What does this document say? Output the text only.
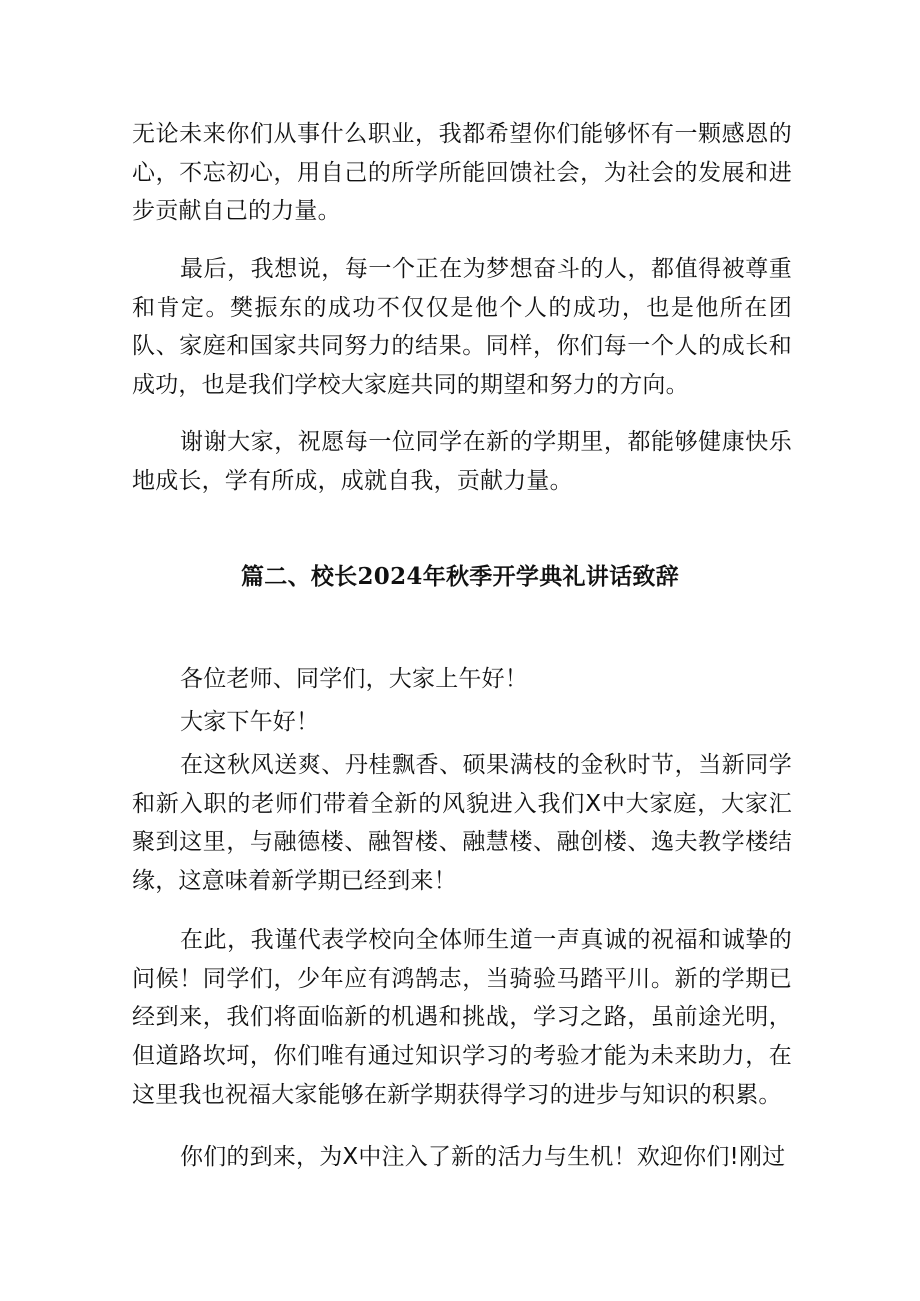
无论未来你们从事什么职业，我都希望你们能够怀有一颗感恩的心，不忘初心，用自己的所学所能回馈社会，为社会的发展和进步贡献自己的力量。

最后，我想说，每一个正在为梦想奋斗的人，都值得被尊重和肯定。樊振东的成功不仅仅是他个人的成功，也是他所在团队、家庭和国家共同努力的结果。同样，你们每一个人的成长和成功，也是我们学校大家庭共同的期望和努力的方向。

谢谢大家，祝愿每一位同学在新的学期里，都能够健康快乐地成长，学有所成，成就自我，贡献力量。

篇二、校长2024年秋季开学典礼讲话致辞

各位老师、同学们，大家上午好！

大家下午好！

在这秋风送爽、丹桂飘香、硕果满枝的金秋时节，当新同学和新入职的老师们带着全新的风貌进入我们X中大家庭，大家汇聚到这里，与融德楼、融智楼、融慧楼、融创楼、逸夫教学楼结缘，这意味着新学期已经到来！

在此，我谨代表学校向全体师生道一声真诚的祝福和诚挚的问候！同学们，少年应有鸿鹄志，当骑验马踏平川。新的学期已经到来，我们将面临新的机遇和挑战，学习之路，虽前途光明，但道路坎坷，你们唯有通过知识学习的考验才能为未来助力，在这里我也祝福大家能够在新学期获得学习的进步与知识的积累。

你们的到来，为X中注入了新的活力与生机！欢迎你们!刚过
